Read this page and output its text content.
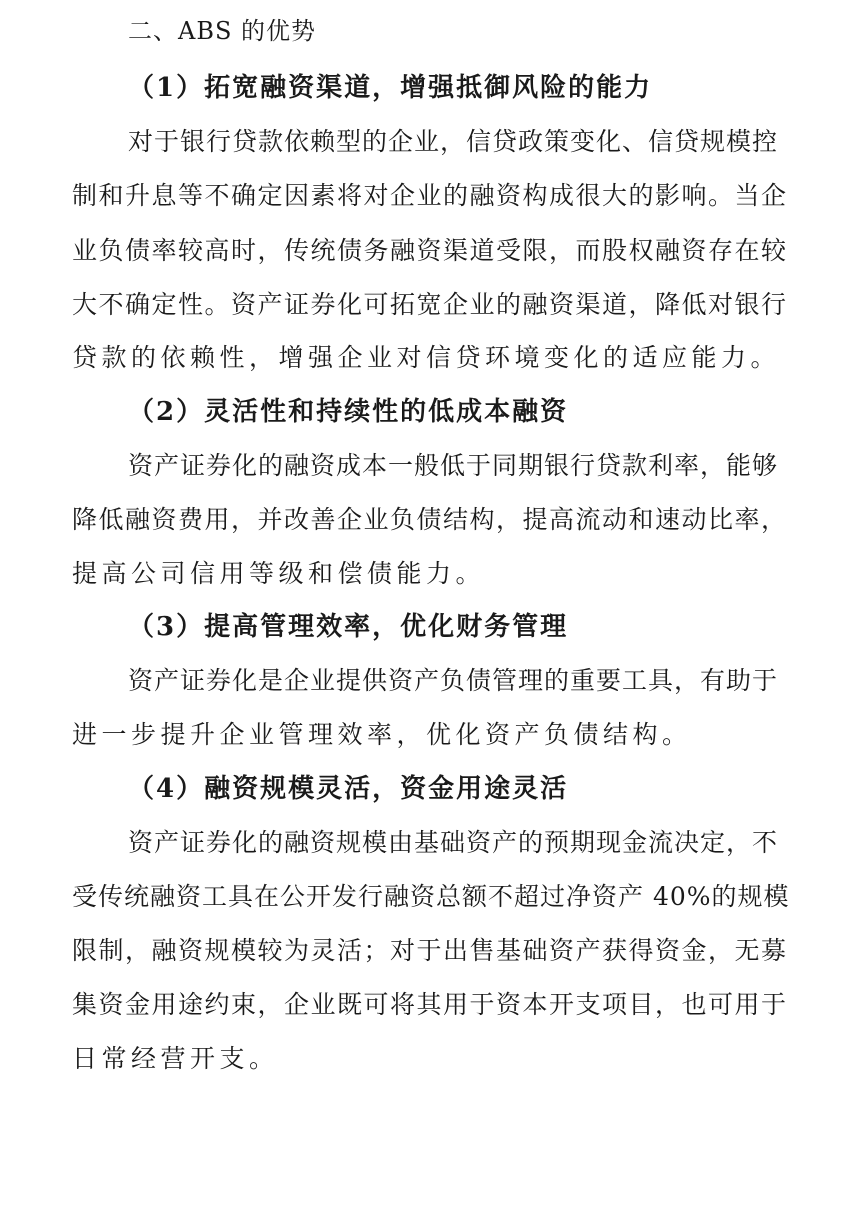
二、ABS 的优势
（1）拓宽融资渠道，增强抵御风险的能力
对于银行贷款依赖型的企业，信贷政策变化、信贷规模控
制和升息等不确定因素将对企业的融资构成很大的影响。当企
业负债率较高时，传统债务融资渠道受限，而股权融资存在较
大不确定性。资产证券化可拓宽企业的融资渠道，降低对银行
贷款的依赖性，增强企业对信贷环境变化的适应能力。
（2）灵活性和持续性的低成本融资
资产证券化的融资成本一般低于同期银行贷款利率，能够
降低融资费用，并改善企业负债结构，提高流动和速动比率，
提高公司信用等级和偿债能力。
（3）提高管理效率，优化财务管理
资产证券化是企业提供资产负债管理的重要工具，有助于
进一步提升企业管理效率，优化资产负债结构。
（4）融资规模灵活，资金用途灵活
资产证券化的融资规模由基础资产的预期现金流决定，不
受传统融资工具在公开发行融资总额不超过净资产 40%的规模
限制，融资规模较为灵活；对于出售基础资产获得资金，无募
集资金用途约束，企业既可将其用于资本开支项目，也可用于
日常经营开支。
